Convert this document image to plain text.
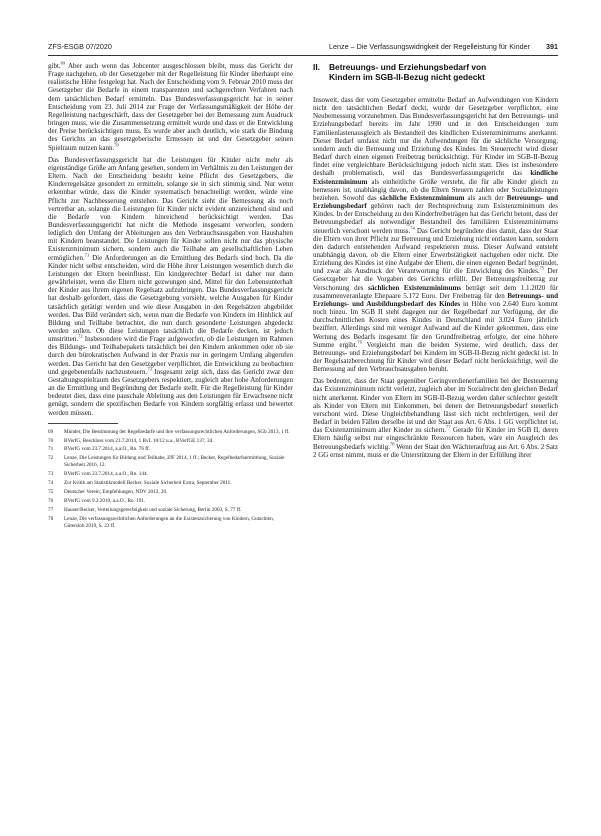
ZFS-ESGB 07/2020	Lenze – Die Verfassungswidrigkeit der Regelleistung für Kinder 391

gibt.$^{69}$ Aber auch wenn das Jobcenter ausgeschlossen bleibt, muss das Gericht der Frage nachgehen, ob der Gesetzgeber mit der Regelleistung für Kinder überhaupt eine realistische Höhe festgelegt hat. Nach der Entscheidung vom 9. Februar 2010 muss der Gesetzgeber die Bedarfe in einem transparenten und sachgerechten Verfahren nach dem tatsächlichen Bedarf ermitteln. Das Bundesverfassungsgericht hat in seiner Entscheidung vom 23. Juli 2014 zur Frage der Verfassungsmäßigkeit der Höhe der Regelleistung nachgeschärft, dass der Gesetzgeber bei der Bemessung zum Ausdruck bringen muss, wie die Zusammensetzung ermittelt wurde und dass er die Entwicklung der Preise berücksichtigen muss. Es wurde aber auch deutlich, wie stark die Bindung des Gerichts an das gesetzgeberische Ermessen ist und der Gesetzgeber seinen Spielraum nutzen kann.$^{70}$

Das Bundesverfassungsgericht hat die Leistungen für Kinder nicht mehr als eigenständige Größe am Anfang gesehen, sondern im Verhältnis zu den Leistungen der Eltern. Nach der Entscheidung besteht keine Pflicht des Gesetzgebers, die Kinderregelsätze gesondert zu ermitteln, solange sie in sich stimmig sind. Nur wenn erkennbar würde, dass die Kinder systematisch benachteiligt werden, würde eine Pflicht zur Nachbesserung entstehen. Das Gericht sieht die Bemessung als noch vertretbar an, solange die Leistungen für Kinder nicht evident unzureichend sind und die Bedarfe von Kindern hinreichend berücksichtigt werden. Das Bundesverfassungsgericht hat nicht die Methode insgesamt verworfen, sondern lediglich den Umfang der Ableitungen aus den Verbrauchsausgaben von Haushalten mit Kindern beanstandet. Die Leistungen für Kinder sollen nicht nur das physische Existenzminimum sichern, sondern auch die Teilhabe am gesellschaftlichen Leben ermöglichen.$^{71}$ Die Anforderungen an die Ermittlung des Bedarfs sind hoch. Da die Kinder nicht selbst entscheiden, wird die Höhe ihrer Leistungen wesentlich durch die Leistungen der Eltern beeinflusst. Ein kindgerechter Bedarf ist daher nur dann gewährleistet, wenn die Eltern nicht gezwungen sind, Mittel für den Lebensunterhalt der Kinder aus ihrem eigenen Regelsatz aufzubringen. Das Bundesverfassungsgericht hat deshalb gefordert, dass die Gesetzgebung vorsieht, welche Ausgaben für Kinder tatsächlich getätigt werden und wie diese Ausgaben in den Regelsätzen abgebildet werden. Das Bild verändert sich, wenn man die Bedarfe von Kindern im Hinblick auf Bildung und Teilhabe betrachtet, die nun durch gesonderte Leistungen abgedeckt werden sollen. Ob diese Leistungen tatsächlich die Bedarfe decken, ist jedoch umstritten.$^{72}$ Insbesondere wird die Frage aufgeworfen, ob die Leistungen im Rahmen des Bildungs- und Teilhabepakets tatsächlich bei den Kindern ankommen oder ob sie durch den bürokratischen Aufwand in der Praxis nur in geringem Umfang abgerufen werden. Das Gericht hat den Gesetzgeber verpflichtet, die Entwicklung zu beobachten und gegebenenfalls nachzusteuern.$^{73}$ Insgesamt zeigt sich, dass das Gericht zwar den Gestaltungsspielraum des Gesetzgebers respektiert, zugleich aber hohe Anforderungen an die Ermittlung und Begründung der Bedarfe stellt. Für die Regelleistung für Kinder bedeutet dies, dass eine pauschale Ableitung aus den Leistungen für Erwachsene nicht genügt, sondern die spezifischen Bedarfe von Kindern sorgfältig erfasst und bewertet werden müssen.

69	Münder, Die Bestimmung der Regelbedarfe und ihre verfassungsrechtlichen Anforderungen, SGb 2013, 1 ff.
70	BVerfG, Beschluss vom 23.7.2014, 1 BvL 10/12 u.a., BVerfGE 137, 34.
71	BVerfG vom 23.7.2014, a.a.O., Rn. 76 ff.
72	Lenze, Die Leistungen für Bildung und Teilhabe, ZfF 2014, 1 ff.; Becker, Regelbedarfsermittlung, Soziale Sicherheit 2016, 12.
73	BVerfG vom 23.7.2014, a.a.O., Rn. 144.
74	Zur Kritik am Statistikmodell Becker, Soziale Sicherheit Extra, September 2011.
75	Deutscher Verein, Empfehlungen, NDV 2013, 20.
76	BVerfG vom 9.2.2010, a.a.O., Rn. 191.
77	Hauser/Becker, Verteilungsgerechtigkeit und soziale Sicherung, Berlin 2003, S. 77 ff.
78	Lenze, Die verfassungsrechtlichen Anforderungen an die Existenzsicherung von Kindern, Gutachten, Gütersloh 2019, S. 23 ff.
II. Betreuungs- und Erziehungsbedarf von
Kindern im SGB-II-Bezug nicht gedeckt

Insoweit, dass der vom Gesetzgeber ermittelte Bedarf an Aufwendungen von Kindern nicht den tatsächlichen Bedarf deckt, wurde der Gesetzgeber verpflichtet, eine Neubemessung vorzunehmen. Das Bundesverfassungsgericht hat den Betreuungs- und Erziehungsbedarf bereits im Jahr 1990 und in den Entscheidungen zum Familienlastenausgleich als Bestandteil des kindlichen Existenzminimums anerkannt. Dieser Bedarf umfasst nicht nur die Aufwendungen für die sächliche Versorgung, sondern auch die Betreuung und Erziehung des Kindes. Im Steuerrecht wird dieser Bedarf durch einen eigenen Freibetrag berücksichtigt. Für Kinder im SGB-II-Bezug findet eine vergleichbare Berücksichtigung jedoch nicht statt. Dies ist insbesondere deshalb problematisch, weil das Bundesverfassungsgericht das kindliche Existenzminimum als einheitliche Größe versteht, die für alle Kinder gleich zu bemessen ist, unabhängig davon, ob die Eltern Steuern zahlen oder Sozialleistungen beziehen. Sowohl das sächliche Existenzminimum als auch der Betreuungs- und Erziehungsbedarf gehören nach der Rechtsprechung zum Existenzminimum des Kindes. In der Entscheidung zu den Kinderfreibeträgen hat das Gericht betont, dass der Betreuungsbedarf als notwendiger Bestandteil des familiären Existenzminimums steuerlich verschont werden muss.$^{74}$ Das Gericht begründete dies damit, dass der Staat die Eltern von ihrer Pflicht zur Betreuung und Erziehung nicht entlasten kann, sondern den dadurch entstehenden Aufwand respektieren muss. Dieser Aufwand entsteht unabhängig davon, ob die Eltern einer Erwerbstätigkeit nachgehen oder nicht. Die Erziehung des Kindes ist eine Aufgabe der Eltern, die einen eigenen Bedarf begründet, und zwar als Ausdruck der Verantwortung für die Entwicklung des Kindes.$^{75}$ Der Gesetzgeber hat die Vorgaben des Gerichts erfüllt. Der Betreuungsfreibetrag zur Verschonung des sächlichen Existenzminimums beträgt seit dem 1.1.2020 für zusammenveranlagte Ehepaare 5.172 Euro. Der Freibetrag für den Betreuungs- und Erziehungs- und Ausbildungsbedarf des Kindes in Höhe von 2.640 Euro kommt noch hinzu. Im SGB II steht dagegen nur der Regelbedarf zur Verfügung, der die durchschnittlichen Kosten eines Kindes in Deutschland mit 3.024 Euro jährlich beziffert. Allerdings sind mit weniger Aufwand auf die Kinder gekommen, dass eine Wertung des Bedarfs insgesamt für den Grundfreibetrag erfolgte, der eine höhere Summe ergibt.$^{76}$ Vergleicht man die beiden Systeme, wird deutlich, dass der Betreuungs- und Erziehungsbedarf bei Kindern im SGB-II-Bezug nicht gedeckt ist. In der Regelsatzberechnung für Kinder wird dieser Bedarf nicht berücksichtigt, weil die Bemessung auf den Verbrauchsausgaben beruht.

Das bedeutet, dass der Staat gegenüber Geringverdienerfamilien bei der Besteuerung das Existenzminimum nicht verletzt, zugleich aber im Sozialrecht den gleichen Bedarf nicht anerkennt. Kinder von Eltern im SGB-II-Bezug werden daher schlechter gestellt als Kinder von Eltern mit Einkommen, bei denen der Betreuungsbedarf steuerlich verschont wird. Diese Ungleichbehandlung lässt sich nicht rechtfertigen, weil der Bedarf in beiden Fällen derselbe ist und der Staat aus Art. 6 Abs. 1 GG verpflichtet ist, das Existenzminimum aller Kinder zu sichern.$^{77}$ Gerade für Kinder im SGB II, deren Eltern häufig selbst nur eingeschränkte Ressourcen haben, wäre ein Ausgleich des Betreuungsbedarfs wichtig.$^{78}$ Wenn der Staat den Wächterauftrag aus Art. 6 Abs. 2 Satz 2 GG ernst nimmt, muss er die Unterstützung der Eltern in der Erfüllung ihrer
